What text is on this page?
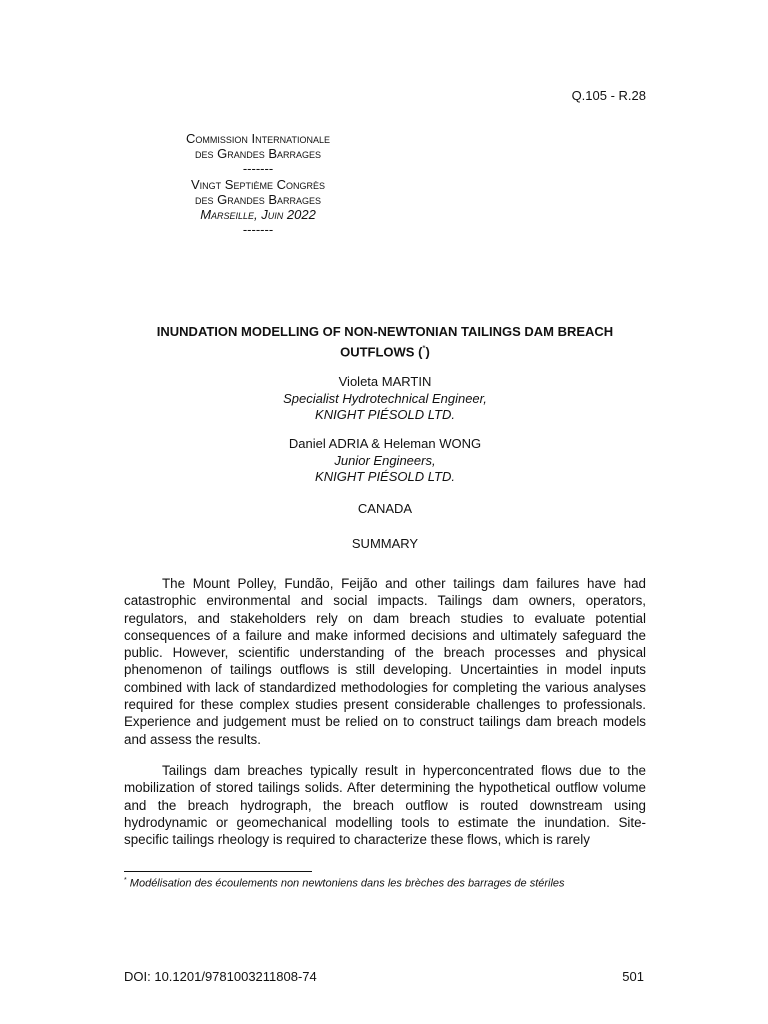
Q.105 - R.28
Commission Internationale
des Grandes Barrages
-------
Vingt Septième Congrès
des Grandes Barrages
Marseille, Juin 2022
-------
INUNDATION MODELLING OF NON-NEWTONIAN TAILINGS DAM BREACH
OUTFLOWS (*)
Violeta MARTIN
Specialist Hydrotechnical Engineer,
KNIGHT PIÉSOLD LTD.
Daniel ADRIA & Heleman WONG
Junior Engineers,
KNIGHT PIÉSOLD LTD.
CANADA
SUMMARY

The Mount Polley, Fundão, Feijão and other tailings dam failures have had catastrophic environmental and social impacts. Tailings dam owners, operators, regulators, and stakeholders rely on dam breach studies to evaluate potential consequences of a failure and make informed decisions and ultimately safeguard the public. However, scientific understanding of the breach processes and physical phenomenon of tailings outflows is still developing. Uncertainties in model inputs combined with lack of standardized methodologies for completing the various analyses required for these complex studies present considerable challenges to professionals. Experience and judgement must be relied on to construct tailings dam breach models and assess the results.

Tailings dam breaches typically result in hyperconcentrated flows due to the mobilization of stored tailings solids. After determining the hypothetical outflow volume and the breach hydrograph, the breach outflow is routed downstream using hydrodynamic or geomechanical modelling tools to estimate the inundation. Site-specific tailings rheology is required to characterize these flows, which is rarely

* Modélisation des écoulements non newtoniens dans les brèches des barrages de stériles
DOI: 10.1201/9781003211808-74	501
